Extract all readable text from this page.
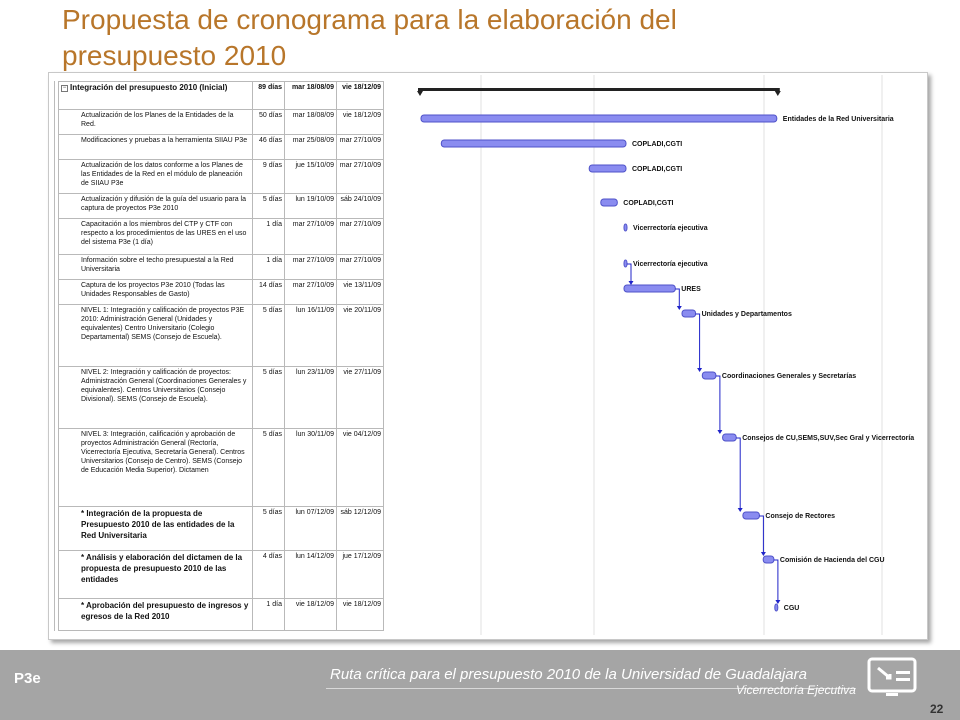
Propuesta de cronograma para la elaboración del presupuesto 2010
− Integración del presupuesto 2010 (Inicial)	89 días	mar 18/08/09	vie 18/12/09
Actualización de los Planes de la Entidades de la Red.	50 días	mar 18/08/09	vie 18/12/09
Modificaciones y pruebas a la herramienta SIIAU P3e	46 días	mar 25/08/09	mar 27/10/09
Actualización de los datos conforme a los Planes de las Entidades de la Red en el módulo de planeación de SIIAU P3e	9 días	jue 15/10/09	mar 27/10/09
Actualización y difusión de la guía del usuario para la captura de proyectos P3e 2010	5 días	lun 19/10/09	sáb 24/10/09
Capacitación a los miembros del CTP y CTF con respecto a los procedimientos de las URES en el uso del sistema P3e (1 día)	1 día	mar 27/10/09	mar 27/10/09
Información sobre el techo presupuestal a la Red Universitaria	1 día	mar 27/10/09	mar 27/10/09
Captura de los proyectos P3e 2010 (Todas las Unidades Responsables de Gasto)	14 días	mar 27/10/09	vie 13/11/09
NIVEL 1: Integración y calificación de proyectos P3E 2010: Administración General (Unidades y equivalentes) Centro Universitario (Colegio Departamental) SEMS (Consejo de Escuela).	5 días	lun 16/11/09	vie 20/11/09
NIVEL 2: Integración y calificación de proyectos: Administración General (Coordinaciones Generales y equivalentes). Centros Universitarios (Consejo Divisional). SEMS (Consejo de Escuela).	5 días	lun 23/11/09	vie 27/11/09
NIVEL 3: Integración, calificación y aprobación de proyectos Administración General (Rectoría, Vicerrectoría Ejecutiva, Secretaría General). Centros Universitarios (Consejo de Centro). SEMS (Consejo de Educación Media Superior). Dictamen	5 días	lun 30/11/09	vie 04/12/09
* Integración de la propuesta de Presupuesto 2010 de las entidades de la Red Universitaria	5 días	lun 07/12/09	sáb 12/12/09
* Análisis y elaboración del dictamen de la propuesta de presupuesto 2010 de las entidades	4 días	lun 14/12/09	jue 17/12/09
* Aprobación del presupuesto de ingresos y egresos de la Red 2010	1 día	vie 18/12/09	vie 18/12/09
Entidades de la Red Universitaria
COPLADI,CGTI
COPLADI,CGTI
COPLADI,CGTI
Vicerrectoría ejecutiva
Vicerrectoría ejecutiva
URES
Unidades y Departamentos
Coordinaciones Generales y Secretarías
Consejos de CU,SEMS,SUV,Sec Gral y Vicerrectoría
Consejo de Rectores
Comisión de Hacienda del CGU
CGU
P3e	Ruta crítica para el presupuesto 2010 de la Universidad de Guadalajara
Vicerrectoría Ejecutiva
22
